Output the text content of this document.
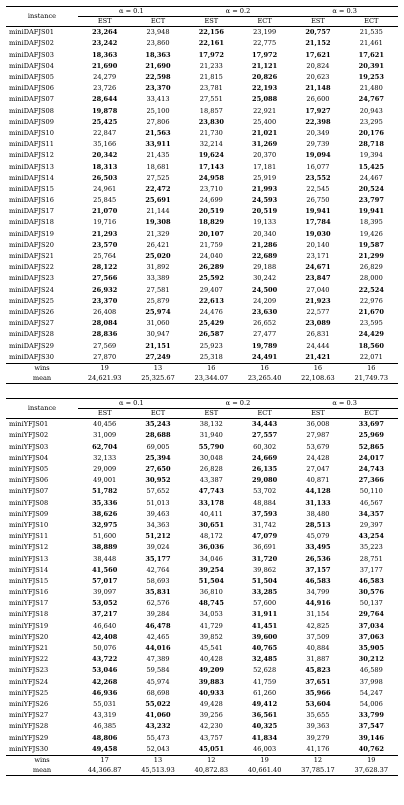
instance	α = 0.1		α = 0.2		α = 0.3	
	EST	ECT	EST	ECT	EST	ECT
miniDAFJS01	23,264	23,948	22,156	23,199	20,757	21,535
miniDAFJS02	23,242	23,860	22,161	22,775	21,152	21,461
miniDAFJS03	18,363	18,363	17,972	17,972	17,621	17,621
miniDAFJS04	21,690	21,690	21,233	21,121	20,824	20,391
miniDAFJS05	24,279	22,598	21,815	20,826	20,623	19,253
miniDAFJS06	23,726	23,370	23,781	22,193	21,148	21,480
miniDAFJS07	28,644	33,413	27,551	25,088	26,600	24,767
miniDAFJS08	19,878	25,100	18,857	22,921	17,927	20,943
miniDAFJS09	25,425	27,806	23,830	25,400	22,398	23,295
miniDAFJS10	22,847	21,563	21,730	21,021	20,349	20,176
miniDAFJS11	35,166	33,911	32,214	31,269	29,739	28,718
miniDAFJS12	20,342	21,435	19,624	20,370	19,094	19,394
miniDAFJS13	18,313	18,681	17,143	17,181	16,077	15,425
miniDAFJS14	26,503	27,525	24,958	25,919	23,552	24,467
miniDAFJS15	24,961	22,472	23,710	21,993	22,545	20,524
miniDAFJS16	25,845	25,691	24,699	24,593	26,750	23,797
miniDAFJS17	21,070	21,144	20,519	20,519	19,941	19,941
miniDAFJS18	19,716	19,308	18,829	19,133	17,784	18,395
miniDAFJS19	21,293	21,329	20,107	20,340	19,030	19,426
miniDAFJS20	23,570	26,421	21,759	21,286	20,140	19,587
miniDAFJS21	25,764	25,020	24,040	22,689	23,171	21,299
miniDAFJS22	28,122	31,892	26,289	29,188	24,671	26,829
miniDAFJS23	27,566	33,389	25,592	30,242	23,847	28,000
miniDAFJS24	26,932	27,581	29,407	24,500	27,040	22,524
miniDAFJS25	23,370	25,879	22,613	24,209	21,923	22,976
miniDAFJS26	26,408	25,974	24,476	23,630	22,577	21,670
miniDAFJS27	28,084	31,060	25,429	26,652	23,089	23,595
miniDAFJS28	28,836	30,947	26,587	27,477	26,831	24,429
miniDAFJS29	27,569	21,151	25,923	19,789	24,444	18,560
miniDAFJS30	27,870	27,249	25,318	24,491	21,421	22,071
wins	19	13	16	16	16	16
mean	24,621.93	25,325.67	23,344.07	23,265.40	22,108.63	21,749.73
instance	α = 0.1		α = 0.2		α = 0.3	
	EST	ECT	EST	ECT	EST	ECT
miniYFJS01	40,456	35,243	38,132	34,443	36,008	33,697
miniYFJS02	31,009	28,688	31,940	27,557	27,987	25,969
miniYFJS03	62,704	69,005	55,790	60,302	53,679	52,865
miniYFJS04	32,133	25,394	30,048	24,669	24,428	24,017
miniYFJS05	29,009	27,650	26,828	26,135	27,047	24,743
miniYFJS06	49,001	30,952	43,387	29,080	40,871	27,366
miniYFJS07	51,782	57,652	47,743	53,702	44,128	50,110
miniYFJS08	35,336	51,013	33,178	48,884	31,133	46,567
miniYFJS09	38,626	39,463	40,411	37,593	38,480	34,357
miniYFJS10	32,975	34,363	30,651	31,742	28,513	29,397
miniYFJS11	51,600	51,212	48,172	47,079	45,079	43,254
miniYFJS12	38,889	39,024	36,036	36,691	33,495	35,223
miniYFJS13	38,448	35,177	34,046	31,720	26,536	28,751
miniYFJS14	41,560	42,764	39,254	39,862	37,157	37,177
miniYFJS15	57,017	58,693	51,504	51,504	46,583	46,583
miniYFJS16	39,097	35,831	36,810	33,285	34,799	30,576
miniYFJS17	53,052	62,576	48,745	57,600	44,916	50,137
miniYFJS18	37,217	39,284	34,053	31,911	31,154	29,764
miniYFJS19	46,640	46,478	41,729	41,451	42,825	37,034
miniYFJS20	42,408	42,465	39,852	39,600	37,509	37,063
miniYFJS21	50,076	44,016	45,541	40,765	40,884	35,905
miniYFJS22	43,722	47,389	40,428	32,485	31,887	30,212
miniYFJS23	53,046	59,584	49,209	52,628	45,823	46,589
miniYFJS24	42,268	45,974	39,883	41,759	37,651	37,998
miniYFJS25	46,936	68,698	40,933	61,260	35,966	54,247
miniYFJS26	55,031	55,022	49,428	49,412	53,604	54,006
miniYFJS27	43,319	41,060	39,256	36,561	35,655	33,799
miniYFJS28	46,385	43,232	42,230	40,325	39,363	37,547
miniYFJS29	48,806	55,473	43,757	41,834	39,279	39,146
miniYFJS30	49,458	52,043	45,051	46,003	41,176	40,762
wins	17	13	12	19	12	19
mean	44,366.87	45,513.93	40,872.83	40,661.40	37,785.17	37,628.37
